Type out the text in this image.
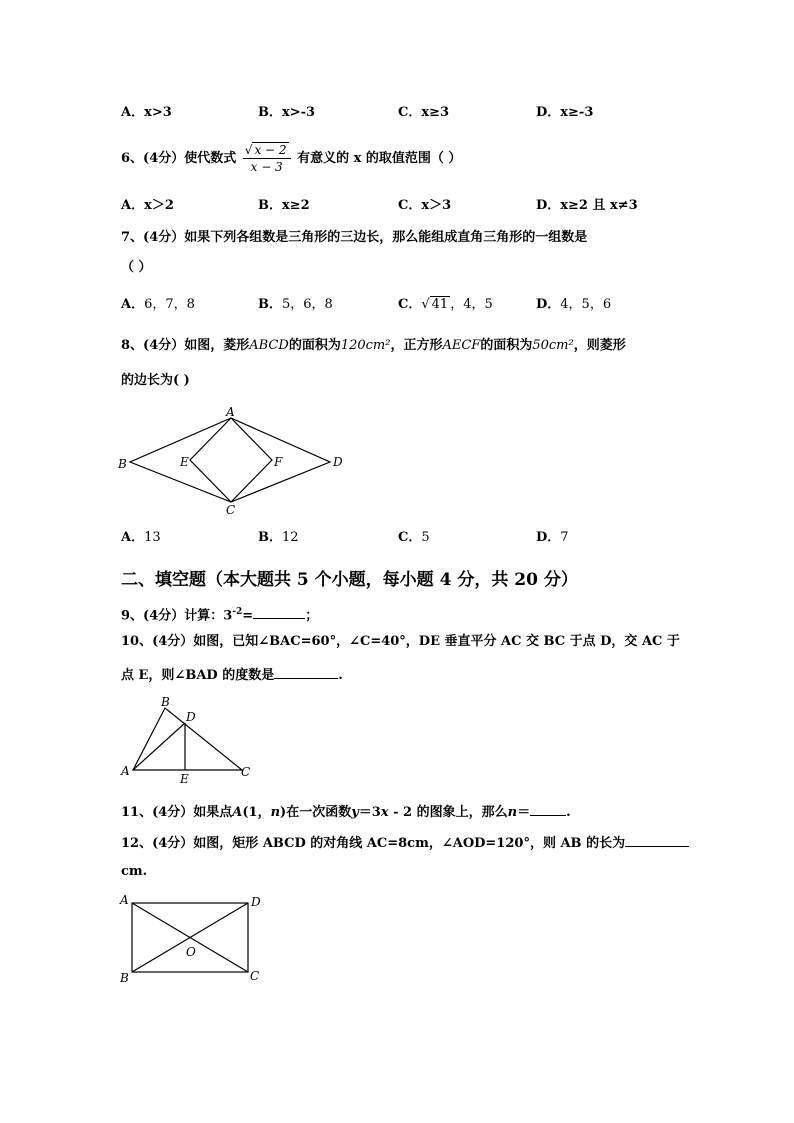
A．x>3	B．x>-3	C．x≥3	D．x≥-3
6、(4分）使代数式 $\frac{√ x - 2}{x - 3}$ 有意义的 x 的取值范围（ ）
A．x＞2	B．x≥2	C．x＞3	D．x≥2 且 x≠3
7、(4分）如果下列各组数是三角形的三边长，那么能组成直角三角形的一组数是
（ ）
A．6，7，8	B．5，6，8	C．√ 41 ，4，5	D．4，5，6
8、(4分）如图，菱形ABCD的面积为120cm²，正方形AECF的面积为50cm²，则菱形
的边长为( )
A
B
C
D
E	F
A．13	B．12	C．5	D．7
二、填空题（本大题共 5 个小题，每小题 4 分，共 20 分）
9、(4分）计算：$3^{-2}=$	；
10、(4分）如图，已知∠BAC=60°，∠C=40°，DE 垂直平分 AC 交 BC 于点 D，交 AC 于
点 E，则∠BAD 的度数是	.
A
B
C
D
E
11、(4分）如果点A(1，n)在一次函数y＝3x - 2 的图象上，那么n＝	.
12、(4分）如图，矩形 ABCD 的对角线 AC=8cm，∠AOD=120°，则 AB 的长为
cm.
A
B	C
D
O
